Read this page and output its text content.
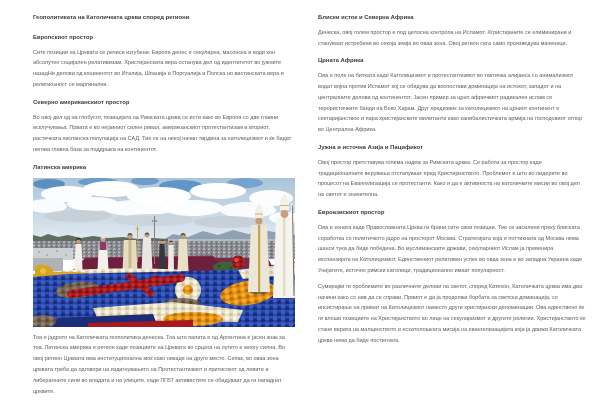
Геополитиката на Католичката црква според региони
Европскиот простор

Сите позиции на Црквата се речиси изгубени. Европа денес е секуларна, масонска и води кон абсолутен социјален релативизам. Христијанската вера останува дел од идентитетот во јужните назадНи делови од конинентот во Италија, Шпанија и Поргуалија и Полска но вистинската вера и религиозност се маргинални.

Северно американскиот простор

Во овој дел од на глобусот, позицијата на Римската црква се исти како во Европа со две главни исклучувања. Првата е во нејзиниот силен ривал, американскиот протестантизам и вториот, растечката хиспанска популација на САД. Тие се на некој начин тврдина за католицизмот и ќе бидат негова главна база за поддршка на континентот.

Латинска америка

Тоа е јадрото на Католичката геополитика денеска. Тоа што папата е од Аргентина е јасен знак за тоа. Латинска америка е регион каде позициите на Црквата во срцата на луѓето е многу силна. Во овој регион Црквата има институционална моќ како никаде на друго место. Сепак, во оваа зона црквата треба да одговори на издигнувањето на Протестантизмот и притисокот од левите и либералните сили во владата и на улиците, каде ЛГБТ активистите се обидуваат да ги нападнат црквите.

Блиски исток и Северна Африка

Денеска, овој голем простор е под целосна контрола на Исламот. Хгристијаните се елиминирани и стануваат истребени во секоја земја во оваа зона. Овој регион сега само произведува маченици.

Црната Африка

Ова е поле на битката каде Католицизмот и протестантизмот во тактичка алијанса со анимализмот водат војна против Исламот кој се обидува да воспостави доминација на истокот, западот и на централните делови од континентот. Јасен пример за црно афричкиот радикален ислам се терористичките банди на Боко Харам. Друг предизвик за католицизмот на црниот континент е сектаријанствоо и пара христијанските милитанти како канибалистичката армија на господовиот отпор во Централна Африка.

Јужна и источна Азија и Пацификот

Овој простор претставува голема надеж за Римската црква. Се работи за простор каде традиционалните верувања отстапуваат пред Христијанството. Проблемот е што во лидерите во процесот на Евангелизација се протестанти. Како и да е активноста на католичките мисии во овој дел на светот е значителна.

Евроазискиот простор

Ова е зоната каде Православната Црква ги брани сите свои позиции. Тие се засилени преку блиската соработка со политичкото јадро на просторот Москва. Стратегијата која е поттикната од Москва нема шанси тука да биде победена. Во муслиманските држави, секуларниот Ислам ја превенира експанзијата на Католицизмот. Единствениот релативен успех во оваа зона е во западна Украина каде Унијатите, источно римски католици, традиционално имаат популарност.

Сумирајќи ги проблемите во различните делови на светот, според Катехон, Католичката црква има два начини како со нив да се справи. Првиот е да ја продолжи борбата за светска доминација, со инсистирање на примат на Католицизмот наместо други христијански деноминации. Ова единствено ќе ги влоши позициите на Христијанството во лице на секуларизмот и другите религии. Христијанството ќе стане верата на малцинството и есхатолошката мисија на евангелизацијата која ја движи Католичката црква нема да биде постигната.
